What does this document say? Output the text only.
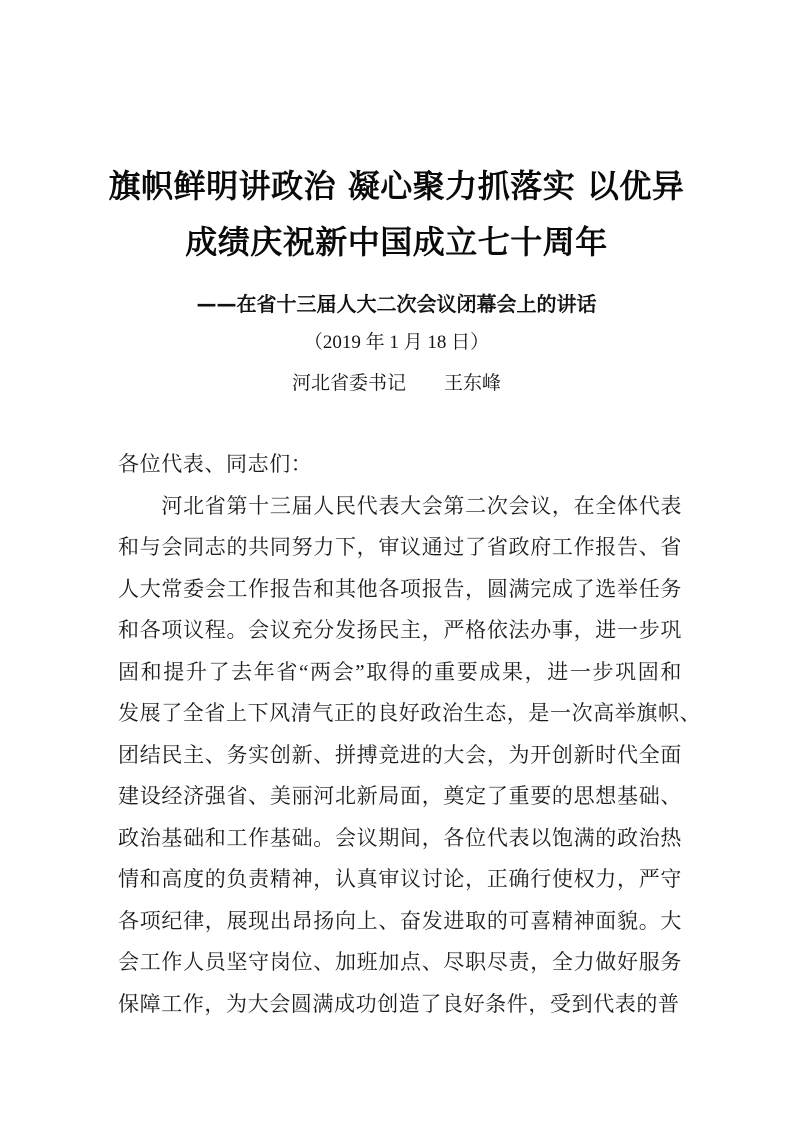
旗帜鲜明讲政治 凝心聚力抓落实 以优异
成绩庆祝新中国成立七十周年

——在省十三届人大二次会议闭幕会上的讲话

（2019 年 1 月 18 日）

河北省委书记　　王东峰

各位代表、同志们：
　　河北省第十三届人民代表大会第二次会议，在全体代表
和与会同志的共同努力下，审议通过了省政府工作报告、省
人大常委会工作报告和其他各项报告，圆满完成了选举任务
和各项议程。会议充分发扬民主，严格依法办事，进一步巩
固和提升了去年省“两会”取得的重要成果，进一步巩固和
发展了全省上下风清气正的良好政治生态，是一次高举旗帜、
团结民主、务实创新、拼搏竞进的大会，为开创新时代全面
建设经济强省、美丽河北新局面，奠定了重要的思想基础、
政治基础和工作基础。会议期间，各位代表以饱满的政治热
情和高度的负责精神，认真审议讨论，正确行使权力，严守
各项纪律，展现出昂扬向上、奋发进取的可喜精神面貌。大
会工作人员坚守岗位、加班加点、尽职尽责，全力做好服务
保障工作，为大会圆满成功创造了良好条件，受到代表的普
